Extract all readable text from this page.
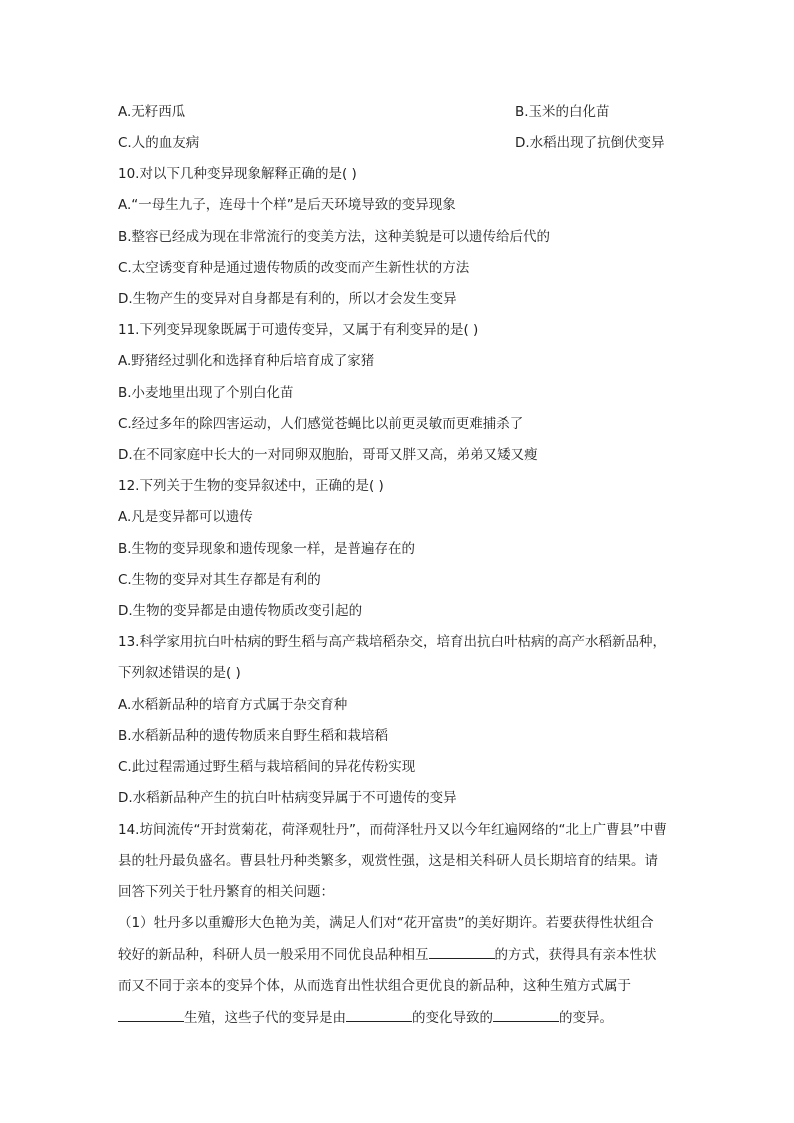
A.无籽西瓜	B.玉米的白化苗
C.人的血友病	D.水稻出现了抗倒伏变异
10.对以下几种变异现象解释正确的是( )
A.“一母生九子，连母十个样”是后天环境导致的变异现象
B.整容已经成为现在非常流行的变美方法，这种美貌是可以遗传给后代的
C.太空诱变育种是通过遗传物质的改变而产生新性状的方法
D.生物产生的变异对自身都是有利的，所以才会发生变异
11.下列变异现象既属于可遗传变异，又属于有利变异的是( )
A.野猪经过驯化和选择育种后培育成了家猪
B.小麦地里出现了个别白化苗
C.经过多年的除四害运动，人们感觉苍蝇比以前更灵敏而更难捕杀了
D.在不同家庭中长大的一对同卵双胞胎，哥哥又胖又高，弟弟又矮又瘦
12.下列关于生物的变异叙述中，正确的是( )
A.凡是变异都可以遗传
B.生物的变异现象和遗传现象一样，是普遍存在的
C.生物的变异对其生存都是有利的
D.生物的变异都是由遗传物质改变引起的
13.科学家用抗白叶枯病的野生稻与高产栽培稻杂交，培育出抗白叶枯病的高产水稻新品种，
下列叙述错误的是( )
A.水稻新品种的培育方式属于杂交育种
B.水稻新品种的遗传物质来自野生稻和栽培稻
C.此过程需通过野生稻与栽培稻间的异花传粉实现
D.水稻新品种产生的抗白叶枯病变异属于不可遗传的变异
14.坊间流传“开封赏菊花，荷泽观牡丹”，而荷泽牡丹又以今年红遍网络的“北上广曹县”中曹
县的牡丹最负盛名。曹县牡丹种类繁多，观赏性强，这是相关科研人员长期培育的结果。请
回答下列关于牡丹繁育的相关问题：
（1）牡丹多以重瓣形大色艳为美，满足人们对“花开富贵”的美好期许。若要获得性状组合
较好的新品种，科研人员一般采用不同优良品种相互	的方式，获得具有亲本性状
而又不同于亲本的变异个体，从而选育出性状组合更优良的新品种，这种生殖方式属于
生殖，这些子代的变异是由	的变化导致的	的变异。
